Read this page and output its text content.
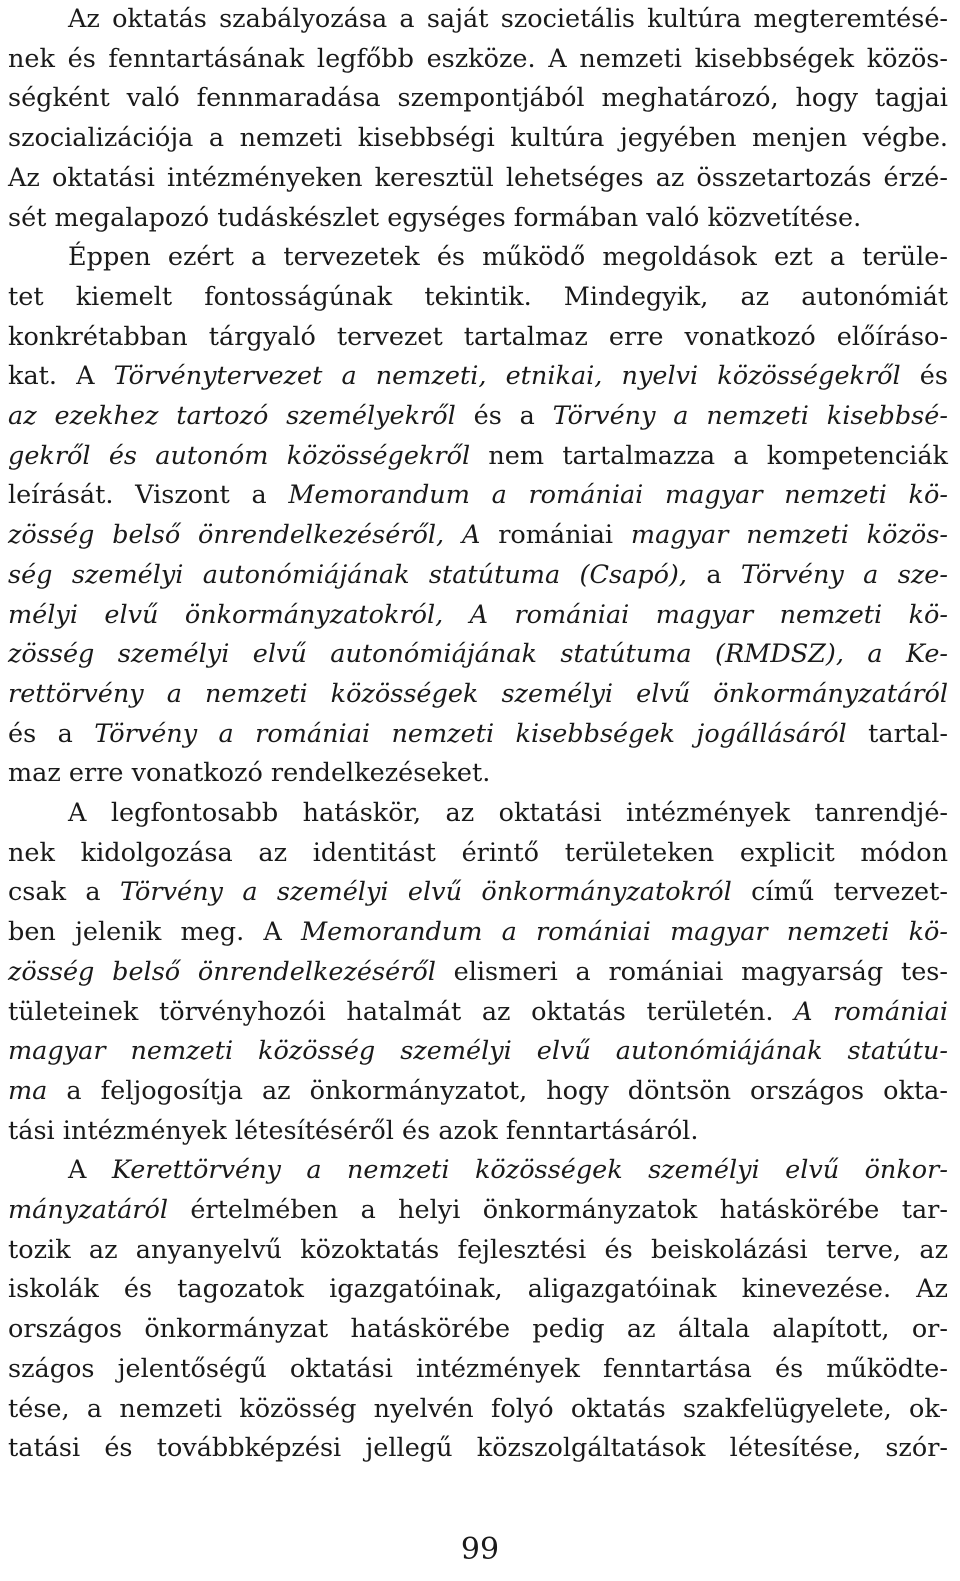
Az oktatás szabályozása a saját szocietális kultúra megteremtésé-
nek és fenntartásának legfőbb eszköze. A nemzeti kisebbségek közös-
ségként való fennmaradása szempontjából meghatározó, hogy tagjai
szocializációja a nemzeti kisebbségi kultúra jegyében menjen végbe.
Az oktatási intézményeken keresztül lehetséges az összetartozás érzé-
sét megalapozó tudáskészlet egységes formában való közvetítése.
Éppen ezért a tervezetek és működő megoldások ezt a terüle-
tet kiemelt fontosságúnak tekintik. Mindegyik, az autonómiát
konkrétabban tárgyaló tervezet tartalmaz erre vonatkozó előíráso-
kat. A Törvénytervezet a nemzeti, etnikai, nyelvi közösségekről és
az ezekhez tartozó személyekről és a Törvény a nemzeti kisebbsé-
gekről és autonóm közösségekről nem tartalmazza a kompetenciák
leírását. Viszont a Memorandum a romániai magyar nemzeti kö-
zösség belső önrendelkezéséről, A romániai magyar nemzeti közös-
ség személyi autonómiájának statútuma (Csapó), a Törvény a sze-
mélyi elvű önkormányzatokról, A romániai magyar nemzeti kö-
zösség személyi elvű autonómiájának statútuma (RMDSZ), a Ke-
rettörvény a nemzeti közösségek személyi elvű önkormányzatáról
és a Törvény a romániai nemzeti kisebbségek jogállásáról tartal-
maz erre vonatkozó rendelkezéseket.
A legfontosabb hatáskör, az oktatási intézmények tanrendjé-
nek kidolgozása az identitást érintő területeken explicit módon
csak a Törvény a személyi elvű önkormányzatokról című tervezet-
ben jelenik meg. A Memorandum a romániai magyar nemzeti kö-
zösség belső önrendelkezéséről elismeri a romániai magyarság tes-
tületeinek törvényhozói hatalmát az oktatás területén. A romániai
magyar nemzeti közösség személyi elvű autonómiájának statútu-
ma a feljogosítja az önkormányzatot, hogy döntsön országos okta-
tási intézmények létesítéséről és azok fenntartásáról.
A Kerettörvény a nemzeti közösségek személyi elvű önkor-
mányzatáról értelmében a helyi önkormányzatok hatáskörébe tar-
tozik az anyanyelvű közoktatás fejlesztési és beiskolázási terve, az
iskolák és tagozatok igazgatóinak, aligazgatóinak kinevezése. Az
országos önkormányzat hatáskörébe pedig az általa alapított, or-
szágos jelentőségű oktatási intézmények fenntartása és működte-
tése, a nemzeti közösség nyelvén folyó oktatás szakfelügyelete, ok-
tatási és továbbképzési jellegű közszolgáltatások létesítése, szór-
99
